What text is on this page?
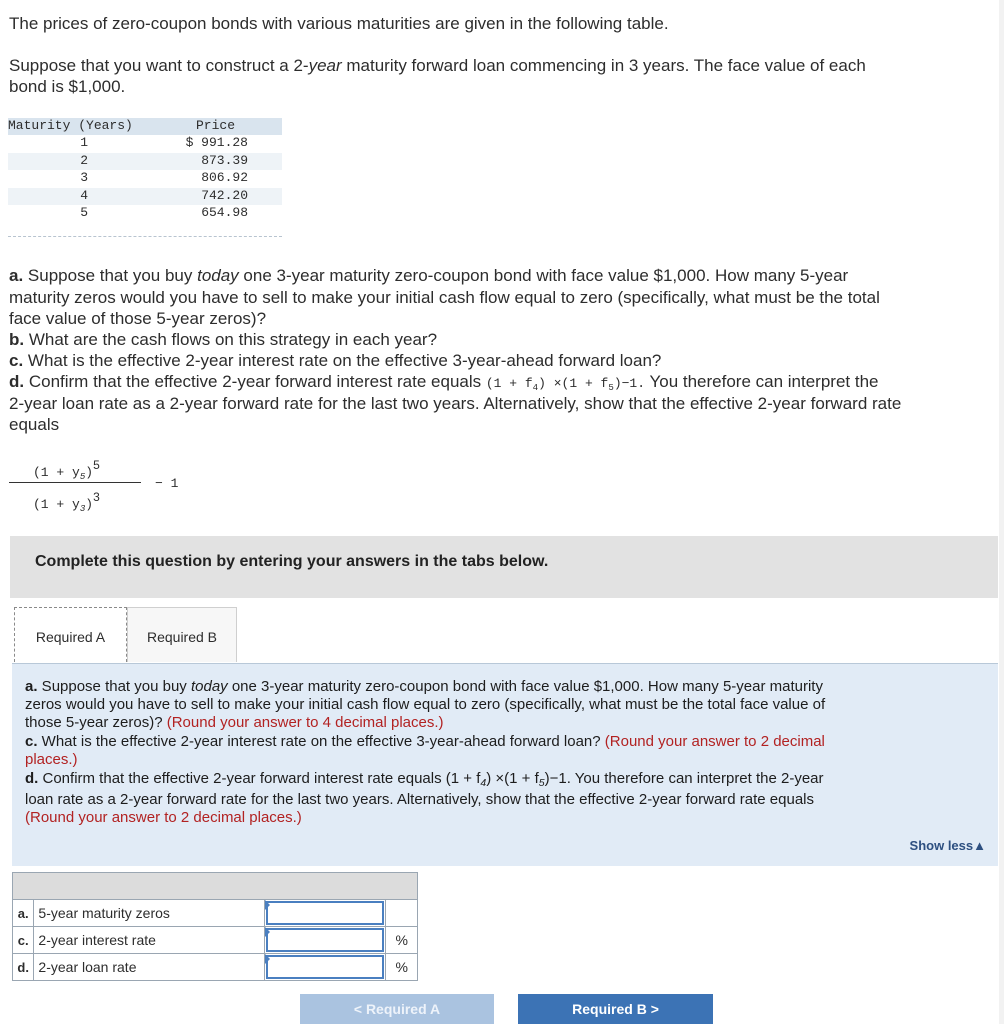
The prices of zero-coupon bonds with various maturities are given in the following table.

Suppose that you want to construct a 2-year maturity forward loan commencing in 3 years. The face value of each

bond is $1,000.

Maturity (Years)	Price
1	$ 991.28
2	873.39
3	806.92
4	742.20
5	654.98

a. Suppose that you buy today one 3-year maturity zero-coupon bond with face value $1,000. How many 5-year

maturity zeros would you have to sell to make your initial cash flow equal to zero (specifically, what must be the total

face value of those 5-year zeros)?

b. What are the cash flows on this strategy in each year?

c. What is the effective 2-year interest rate on the effective 3-year-ahead forward loan?

d. Confirm that the effective 2-year forward interest rate equals $(1 + f_4) \times(1 + f_5)-1$. You therefore can interpret the

2-year loan rate as a 2-year forward rate for the last two years. Alternatively, show that the effective 2-year forward rate

equals

$(1 + y_5)5$
$(1 + y_3)3$
− 1
Complete this question by entering your answers in the tabs below.
Required A	Required B

a. Suppose that you buy today one 3-year maturity zero-coupon bond with face value $1,000. How many 5-year maturity

zeros would you have to sell to make your initial cash flow equal to zero (specifically, what must be the total face value of

those 5-year zeros)? (Round your answer to 4 decimal places.)

c. What is the effective 2-year interest rate on the effective 3-year-ahead forward loan? (Round your answer to 2 decimal

places.)

d. Confirm that the effective 2-year forward interest rate equals $(1 + f_4) \times(1 + f_5)-1$. You therefore can interpret the 2-year

loan rate as a 2-year forward rate for the last two years. Alternatively, show that the effective 2-year forward rate equals

(Round your answer to 2 decimal places.)

Show less▲

a.	5-year maturity zeros	

c.	2-year interest rate		%
d.	2-year loan rate		%
< Required A	Required B >
